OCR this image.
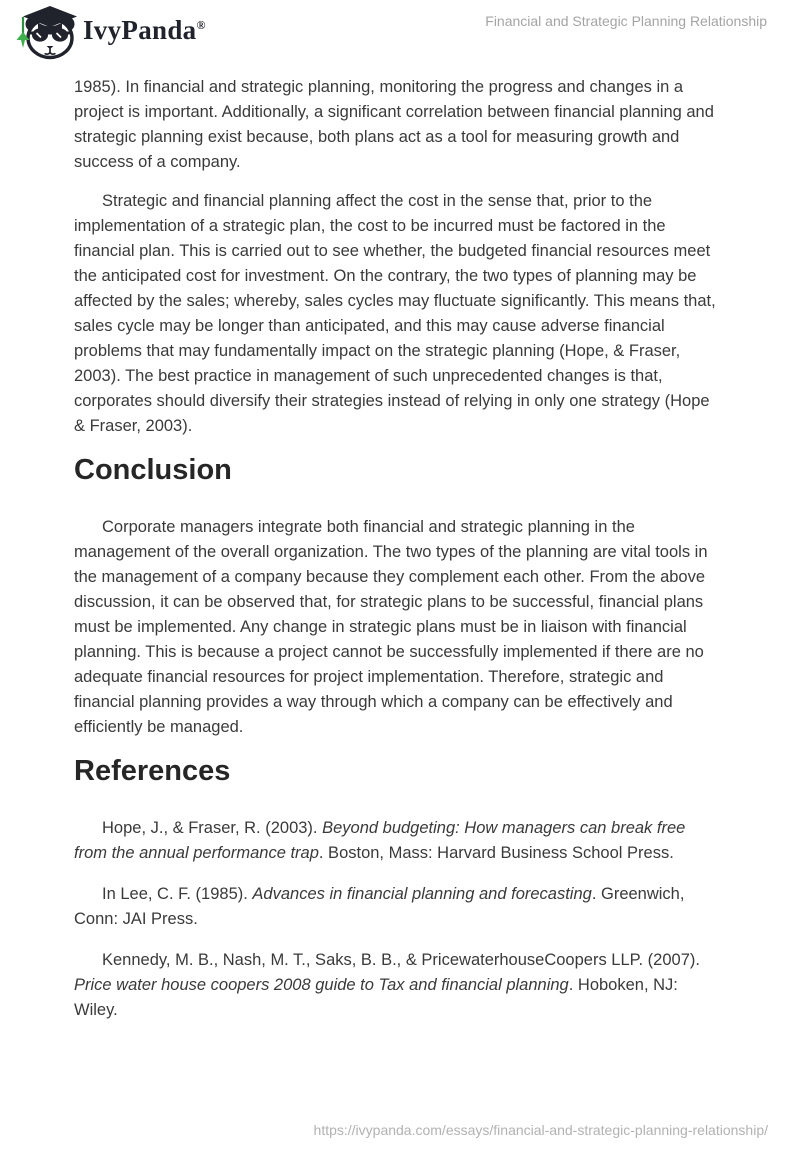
IvyPanda®	Financial and Strategic Planning Relationship

1985). In financial and strategic planning, monitoring the progress and changes in a project is important. Additionally, a significant correlation between financial planning and strategic planning exist because, both plans act as a tool for measuring growth and success of a company.

Strategic and financial planning affect the cost in the sense that, prior to the implementation of a strategic plan, the cost to be incurred must be factored in the financial plan. This is carried out to see whether, the budgeted financial resources meet the anticipated cost for investment. On the contrary, the two types of planning may be affected by the sales; whereby, sales cycles may fluctuate significantly. This means that, sales cycle may be longer than anticipated, and this may cause adverse financial problems that may fundamentally impact on the strategic planning (Hope, & Fraser, 2003). The best practice in management of such unprecedented changes is that, corporates should diversify their strategies instead of relying in only one strategy (Hope & Fraser, 2003).

Conclusion

Corporate managers integrate both financial and strategic planning in the management of the overall organization. The two types of the planning are vital tools in the management of a company because they complement each other. From the above discussion, it can be observed that, for strategic plans to be successful, financial plans must be implemented. Any change in strategic plans must be in liaison with financial planning. This is because a project cannot be successfully implemented if there are no adequate financial resources for project implementation. Therefore, strategic and financial planning provides a way through which a company can be effectively and efficiently be managed.

References

Hope, J., & Fraser, R. (2003). Beyond budgeting: How managers can break free from the annual performance trap. Boston, Mass: Harvard Business School Press.

In Lee, C. F. (1985). Advances in financial planning and forecasting. Greenwich, Conn: JAI Press.

Kennedy, M. B., Nash, M. T., Saks, B. B., & PricewaterhouseCoopers LLP. (2007). Price water house coopers 2008 guide to Tax and financial planning. Hoboken, NJ: Wiley.

https://ivypanda.com/essays/financial-and-strategic-planning-relationship/
